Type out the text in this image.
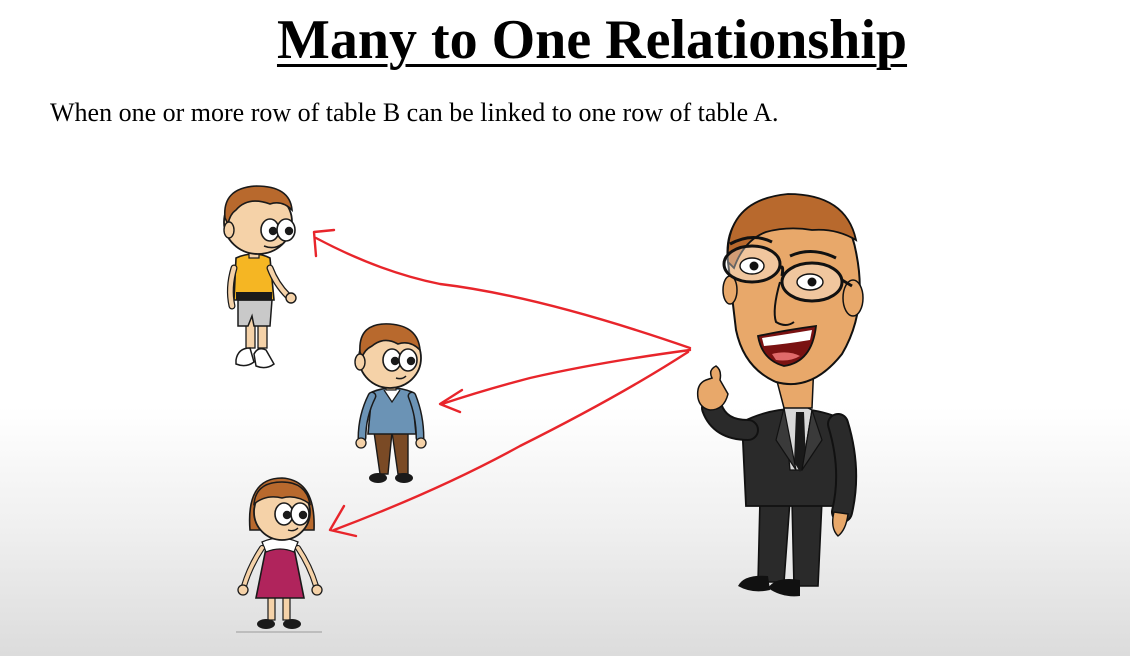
Many to One Relationship

When one or more row of table B can be linked to one row of table A.
